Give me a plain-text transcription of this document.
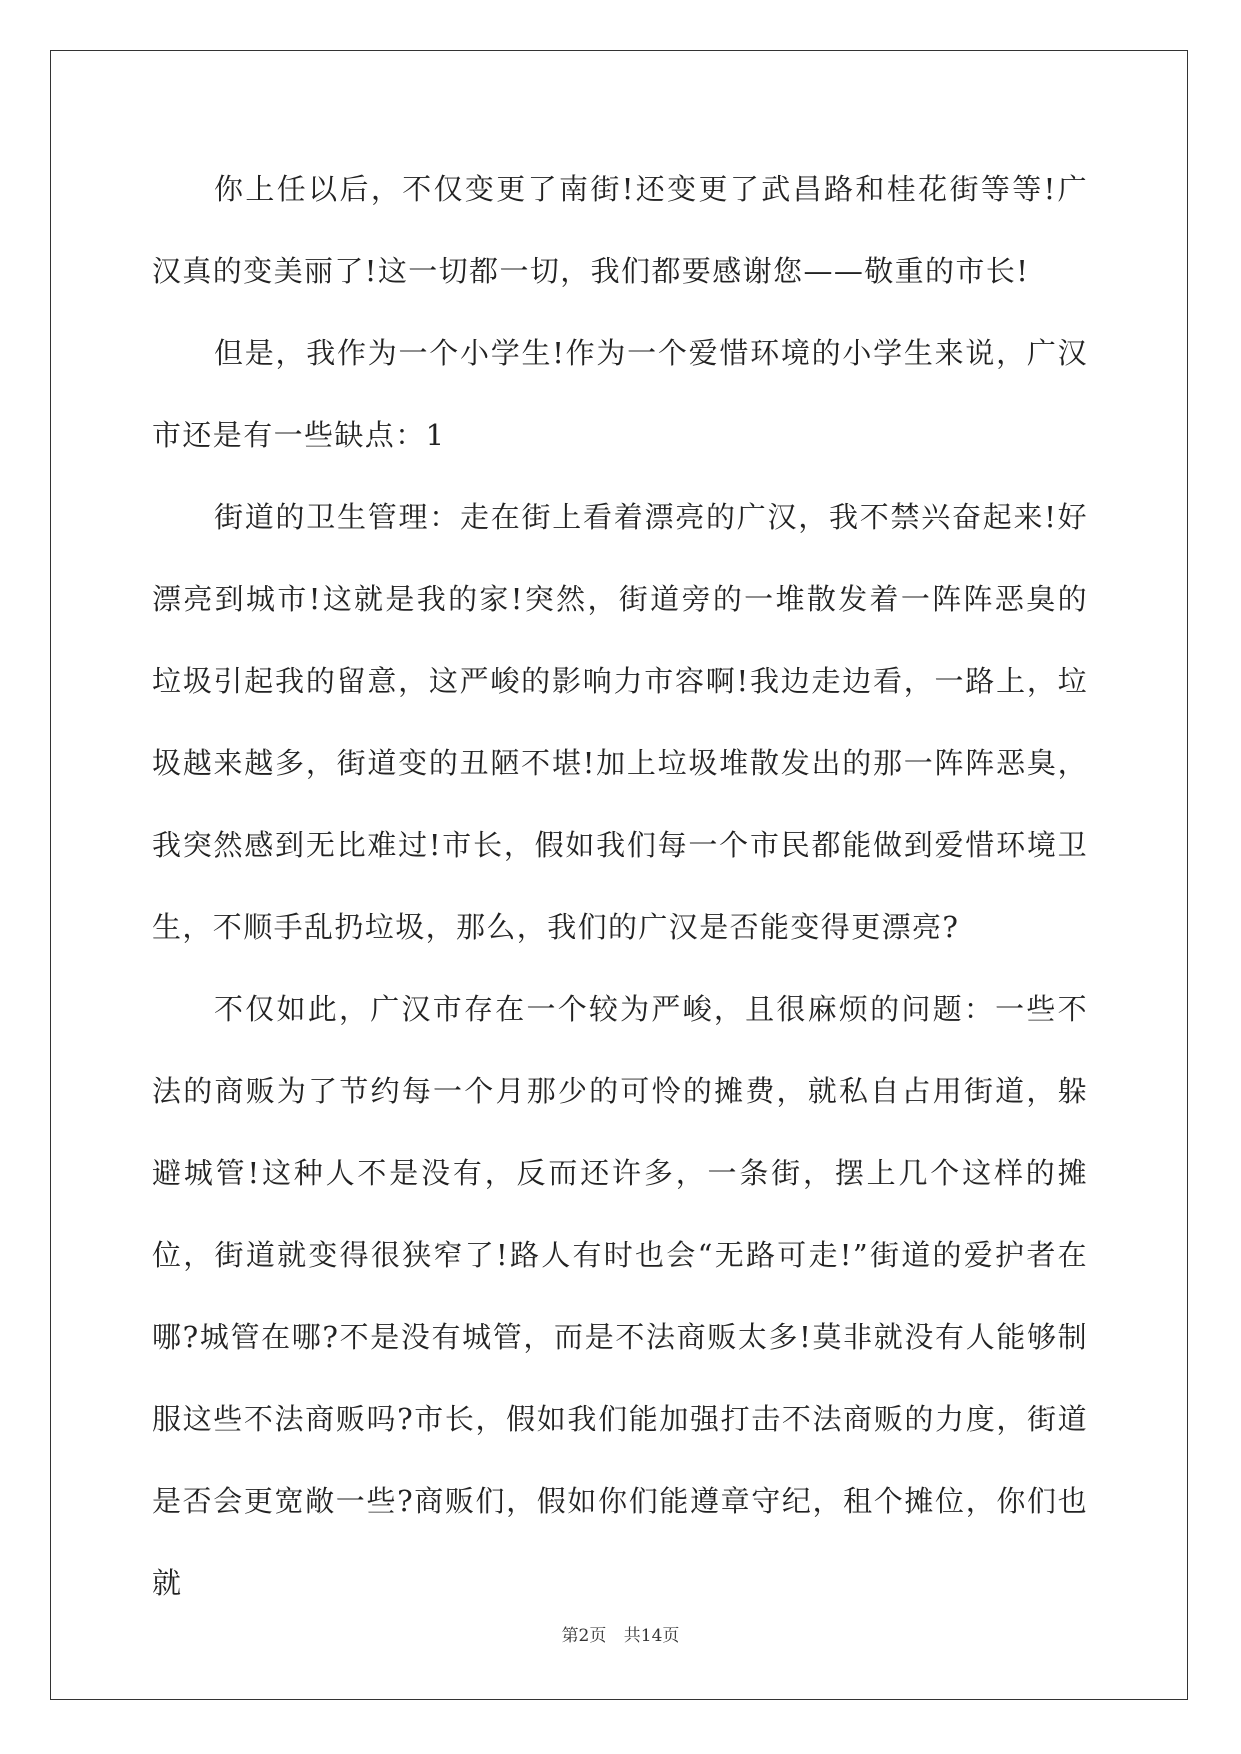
你上任以后，不仅变更了南街!还变更了武昌路和桂花街等等!广汉真的变美丽了!这一切都一切，我们都要感谢您——敬重的市长!

但是，我作为一个小学生!作为一个爱惜环境的小学生来说，广汉市还是有一些缺点：1

街道的卫生管理：走在街上看着漂亮的广汉，我不禁兴奋起来!好漂亮到城市!这就是我的家!突然，街道旁的一堆散发着一阵阵恶臭的垃圾引起我的留意，这严峻的影响力市容啊!我边走边看，一路上，垃圾越来越多，街道变的丑陋不堪!加上垃圾堆散发出的那一阵阵恶臭，我突然感到无比难过!市长，假如我们每一个市民都能做到爱惜环境卫生，不顺手乱扔垃圾，那么，我们的广汉是否能变得更漂亮?

不仅如此，广汉市存在一个较为严峻，且很麻烦的问题：一些不法的商贩为了节约每一个月那少的可怜的摊费，就私自占用街道，躲避城管!这种人不是没有，反而还许多，一条街，摆上几个这样的摊位，街道就变得很狭窄了!路人有时也会“无路可走!”街道的爱护者在哪?城管在哪?不是没有城管，而是不法商贩太多!莫非就没有人能够制服这些不法商贩吗?市长，假如我们能加强打击不法商贩的力度，街道是否会更宽敞一些?商贩们，假如你们能遵章守纪，租个摊位，你们也就

第2页 共14页
